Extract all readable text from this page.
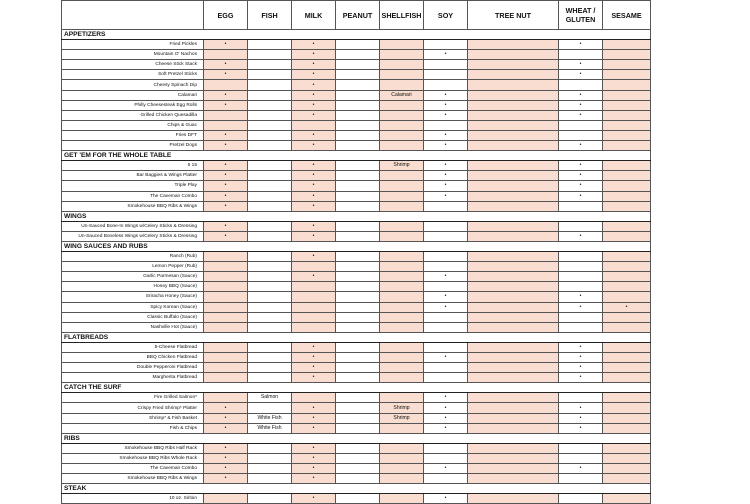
	EGG	FISH	MILK	PEANUT	SHELLFISH	SOY	TREE NUT	WHEAT / GLUTEN	SESAME
APPETIZERS									
Fried Pickles	•		•					•	
Mountain O' Nachos			•			•			
Cheese Stick Stack	•		•					•	
Soft Pretzel Sticks	•		•					•	
Cheesy Spinach Dip			•						
Calamari	•		•		Calamari	•		•	
Philly Cheesesteak Egg Rolls	•		•			•		•	
Grilled Chicken Quesadilla			•			•		•	
Chips & Guac									
Fries DFT	•		•			•			
Pretzel Dogs	•		•			•		•	
GET 'EM FOR THE WHOLE TABLE									
5 15	•		•		Shrimp	•		•	
Bar Baggies & Wings Platter	•		•			•		•	
Triple Play	•		•			•		•	
The Caveman Combo	•		•			•		•	
Smokehouse BBQ Ribs & Wings	•		•						
WINGS									
Un-Sauced Bone-In Wings w/Celery Sticks & Dressing	•		•						
Un-Sauced Boneless Wings w/Celery Sticks & Dressing	•		•					•	
WING SAUCES AND RUBS									
Ranch (Rub)			•						
Lemon Pepper (Rub)									
Garlic Parmesan (Sauce)			•			•			
Honey BBQ (Sauce)									
Sriracha Honey (Sauce)						•		•	
Spicy Korean (Sauce)						•		•	•
Classic Buffalo (Sauce)									
Nashville Hot (Sauce)									
FLATBREADS									
5-Cheese Flatbread			•					•	
BBQ Chicken Flatbread			•			•		•	
Double Pepperoni Flatbread			•					•	
Margherita Flatbread			•					•	
CATCH THE SURF									
Fire Grilled Salmon*		Salmon				•			
Crispy Fried Shrimp* Platter	•		•		Shrimp	•		•	
Shrimp* & Fish Basket	•	White Fish	•		Shrimp	•		•	
Fish & Chips	•	White Fish	•			•		•	
RIBS									
Smokehouse BBQ Ribs Half Rack	•		•						
Smokehouse BBQ Ribs Whole Rack	•		•						
The Caveman Combo	•		•			•		•	
Smokehouse BBQ Ribs & Wings	•		•						
STEAK									
10 oz. Sirloin			•			•			
